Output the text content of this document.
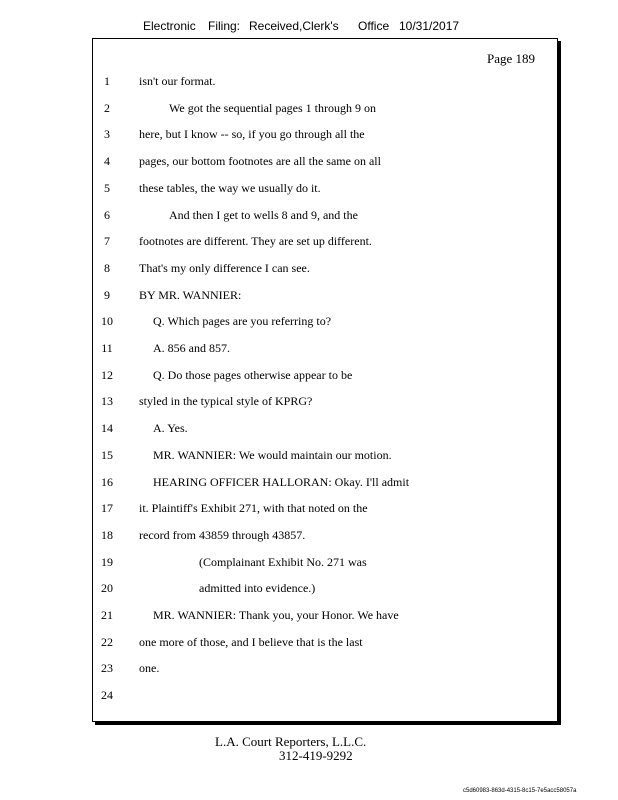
Electronic Filing: Received,Clerk's Office 10/31/2017
Page 189
1	isn't our format.
2	We got the sequential pages 1 through 9 on
3	here, but I know -- so, if you go through all the
4	pages, our bottom footnotes are all the same on all
5	these tables, the way we usually do it.
6	And then I get to wells 8 and 9, and the
7	footnotes are different. They are set up different.
8	That's my only difference I can see.
9	BY MR. WANNIER:
10	Q. Which pages are you referring to?
11	A. 856 and 857.
12	Q. Do those pages otherwise appear to be
13 styled in the typical style of KPRG?
14	A. Yes.
15	MR. WANNIER: We would maintain our motion.
16	HEARING OFFICER HALLORAN: Okay. I'll admit
17 it. Plaintiff's Exhibit 271, with that noted on the
18 record from 43859 through 43857.
19	(Complainant Exhibit No. 271 was
20	admitted into evidence.)
21	MR. WANNIER: Thank you, your Honor. We have
22 one more of those, and I believe that is the last
23 one.
24
L.A. Court Reporters, L.L.C.
312-419-9292
c5d60983-863d-4315-8c15-7e5acc58057a
